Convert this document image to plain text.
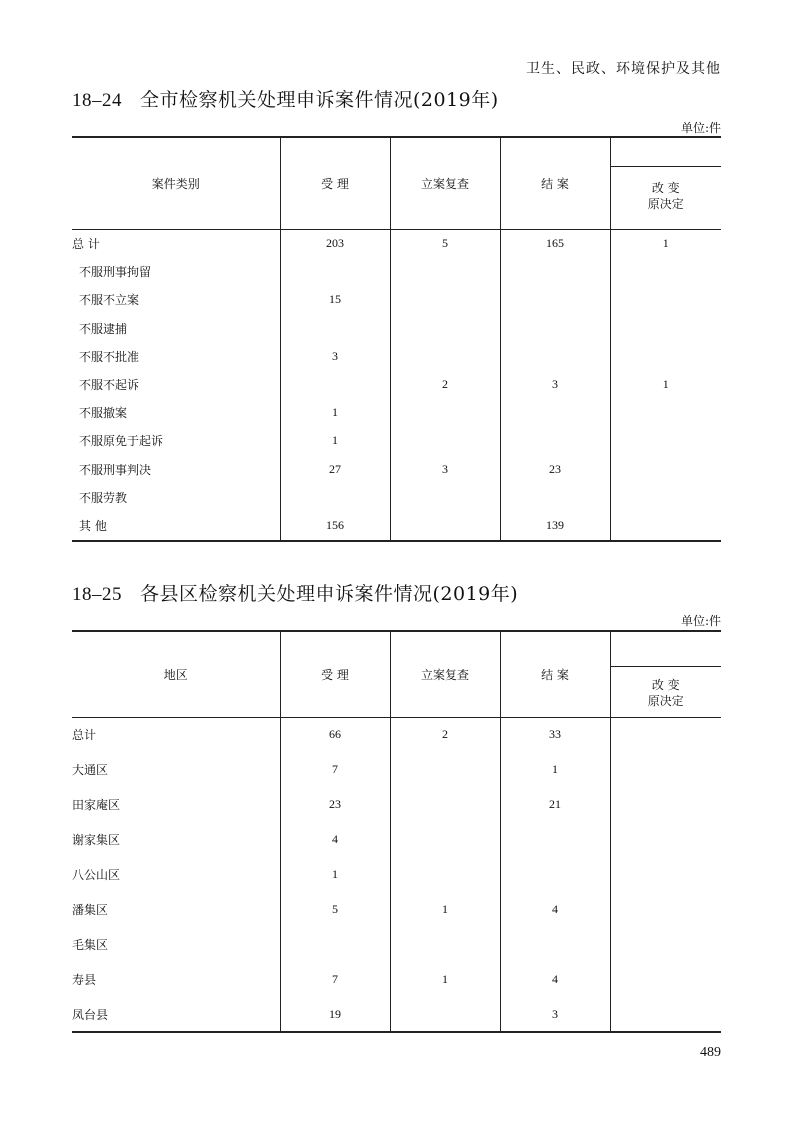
卫生、民政、环境保护及其他
18–24 全市检察机关处理申诉案件情况(2019年)
单位:件
案件类别	受 理	立案复查	结 案	改 变
原决定

总 计	203	5	165	1
不服刑事拘留				
不服不立案	15			
不服逮捕				
不服不批准	3			
不服不起诉		2	3	1
不服撤案	1			
不服原免于起诉	1			
不服刑事判决	27	3	23	
不服劳教				
其 他	156		139	
18–25 各县区检察机关处理申诉案件情况(2019年)
单位:件
地区	受 理	立案复查	结 案	改 变
原决定

总计	66	2	33	
大通区	7		1	
田家庵区	23		21	
谢家集区	4			
八公山区	1			
潘集区	5	1	4	
毛集区				
寿县	7	1	4	
凤台县	19		3	
489
